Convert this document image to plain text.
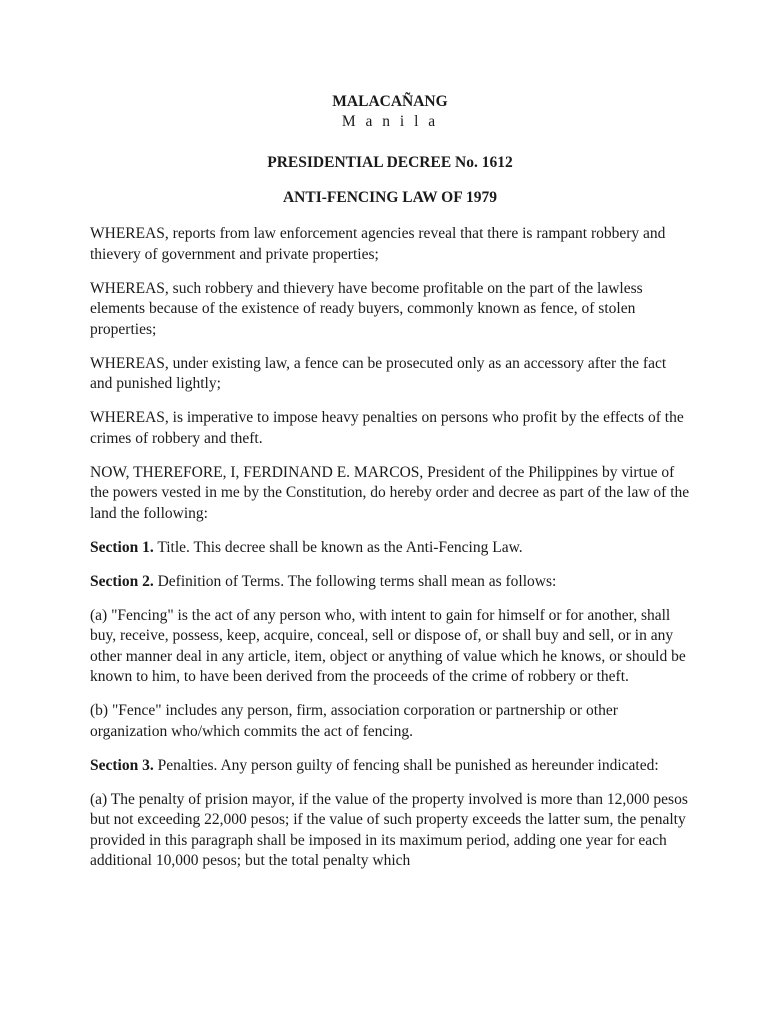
MALACAÑANG

M a n i l a

PRESIDENTIAL DECREE No. 1612

ANTI-FENCING LAW OF 1979

WHEREAS, reports from law enforcement agencies reveal that there is rampant robbery and thievery of government and private properties;

WHEREAS, such robbery and thievery have become profitable on the part of the lawless elements because of the existence of ready buyers, commonly known as fence, of stolen properties;

WHEREAS, under existing law, a fence can be prosecuted only as an accessory after the fact and punished lightly;

WHEREAS, is imperative to impose heavy penalties on persons who profit by the effects of the crimes of robbery and theft.

NOW, THEREFORE, I, FERDINAND E. MARCOS, President of the Philippines by virtue of the powers vested in me by the Constitution, do hereby order and decree as part of the law of the land the following:

Section 1. Title. This decree shall be known as the Anti-Fencing Law.

Section 2. Definition of Terms. The following terms shall mean as follows:

(a) "Fencing" is the act of any person who, with intent to gain for himself or for another, shall buy, receive, possess, keep, acquire, conceal, sell or dispose of, or shall buy and sell, or in any other manner deal in any article, item, object or anything of value which he knows, or should be known to him, to have been derived from the proceeds of the crime of robbery or theft.

(b) "Fence" includes any person, firm, association corporation or partnership or other organization who/which commits the act of fencing.

Section 3. Penalties. Any person guilty of fencing shall be punished as hereunder indicated:

(a) The penalty of prision mayor, if the value of the property involved is more than 12,000 pesos but not exceeding 22,000 pesos; if the value of such property exceeds the latter sum, the penalty provided in this paragraph shall be imposed in its maximum period, adding one year for each additional 10,000 pesos; but the total penalty which
